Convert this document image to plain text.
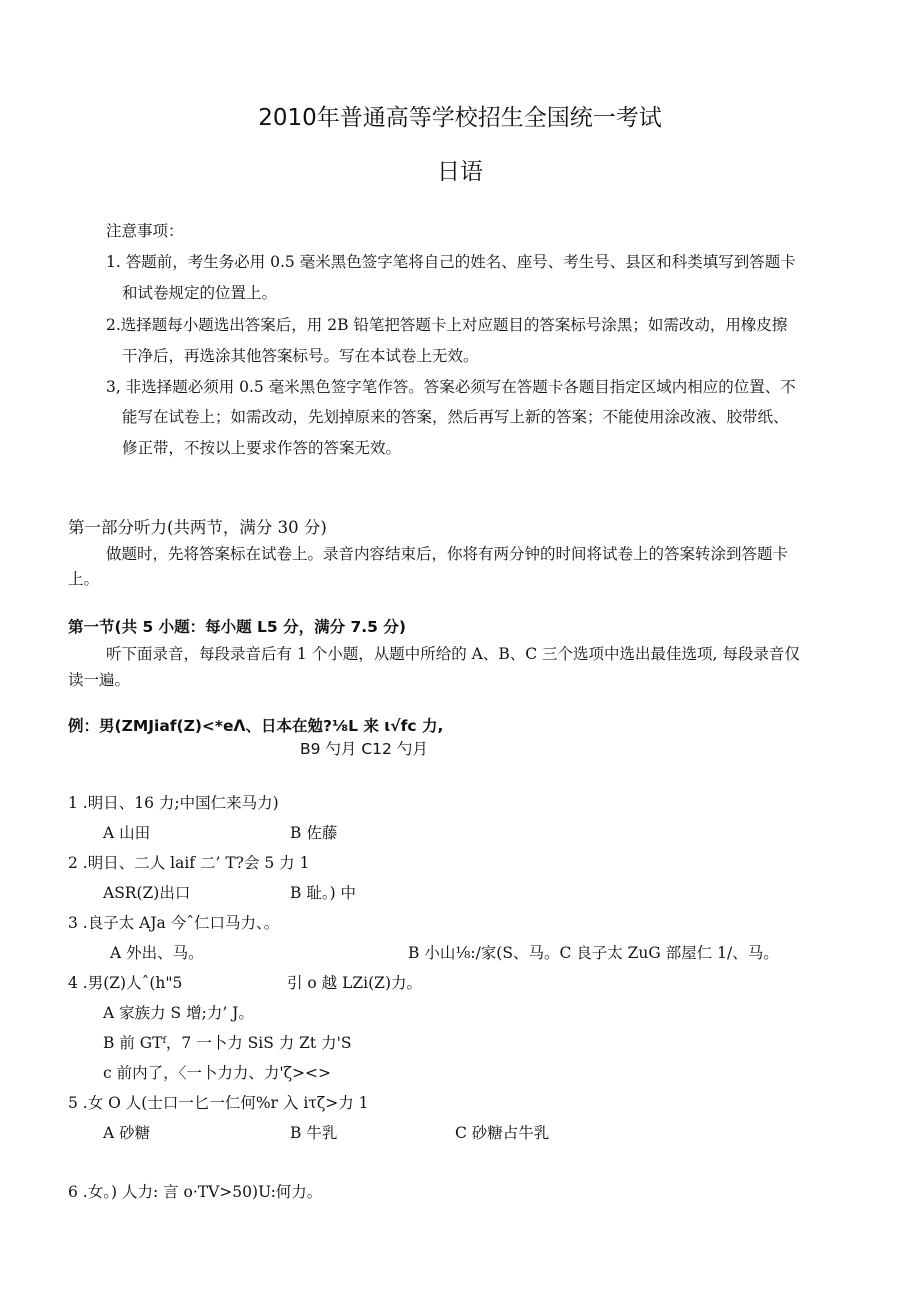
2010年普通高等学校招生全国统一考试
日语
注意事项：
1. 答题前，考生务必用 0.5 毫米黑色签字笔将自己的姓名、座号、考生号、县区和科类填写到答题卡
和试卷规定的位置上。
2.选择题每小题选出答案后，用 2B 铅笔把答题卡上对应题目的答案标号涂黑；如需改动，用橡皮擦
干净后，再选涂其他答案标号。写在本试卷上无效。
3, 非选择题必须用 0.5 毫米黑色签字笔作答。答案必须写在答题卡各题目指定区域内相应的位置、不
能写在试卷上；如需改动，先划掉原来的答案，然后再写上新的答案；不能使用涂改液、胶带纸、
修正带，不按以上要求作答的答案无效。
第一部分听力(共两节，满分 30 分)
做题时，先将答案标在试卷上。录音内容结束后，你将有两分钟的时间将试卷上的答案转涂到答题卡
上。
第一节(共 5 小题：每小题 L5 分，满分 7.5 分)
听下面录音，每段录音后有 1 个小题，从题中所给的 A、B、C 三个选项中选出最佳选项, 每段录音仅
读一遍。
例：男(ZMJiaf(Z)<*eΛ、日本在勉?⅛L 来 ι√fc 力,
B9 勺月 C12 勺月
1 .明日、16 力;中国仁来马力)
A 山田	B 佐藤
2 .明日、二人 laif 二’ T?会 5 力 1
ASR(Z)出口	B 耻。) 中
3 .良子太 AJa 今ˆ仁口马力、。
A 外出、马。	B 小山⅛:/家(S、马。C 良子太 ZuG 部屋仁 1/、马。
4 .男(Z)人ˆ(h"5	引 o 越 LZi(Z)力。
A 家族力 S 增;力’ J。
B 前 GTᶠ，7 一卜力 SiS 力 Zt 力'S
c 前内了，〈一卜力力、力'ζ><>
5 .女 O 人(士口一匕一仁何%r 入 iτζ>力 1
A 砂糖	B 牛乳	C 砂糖占牛乳
6 .女。) 人力: 言 o·TV>50)U:何力。
